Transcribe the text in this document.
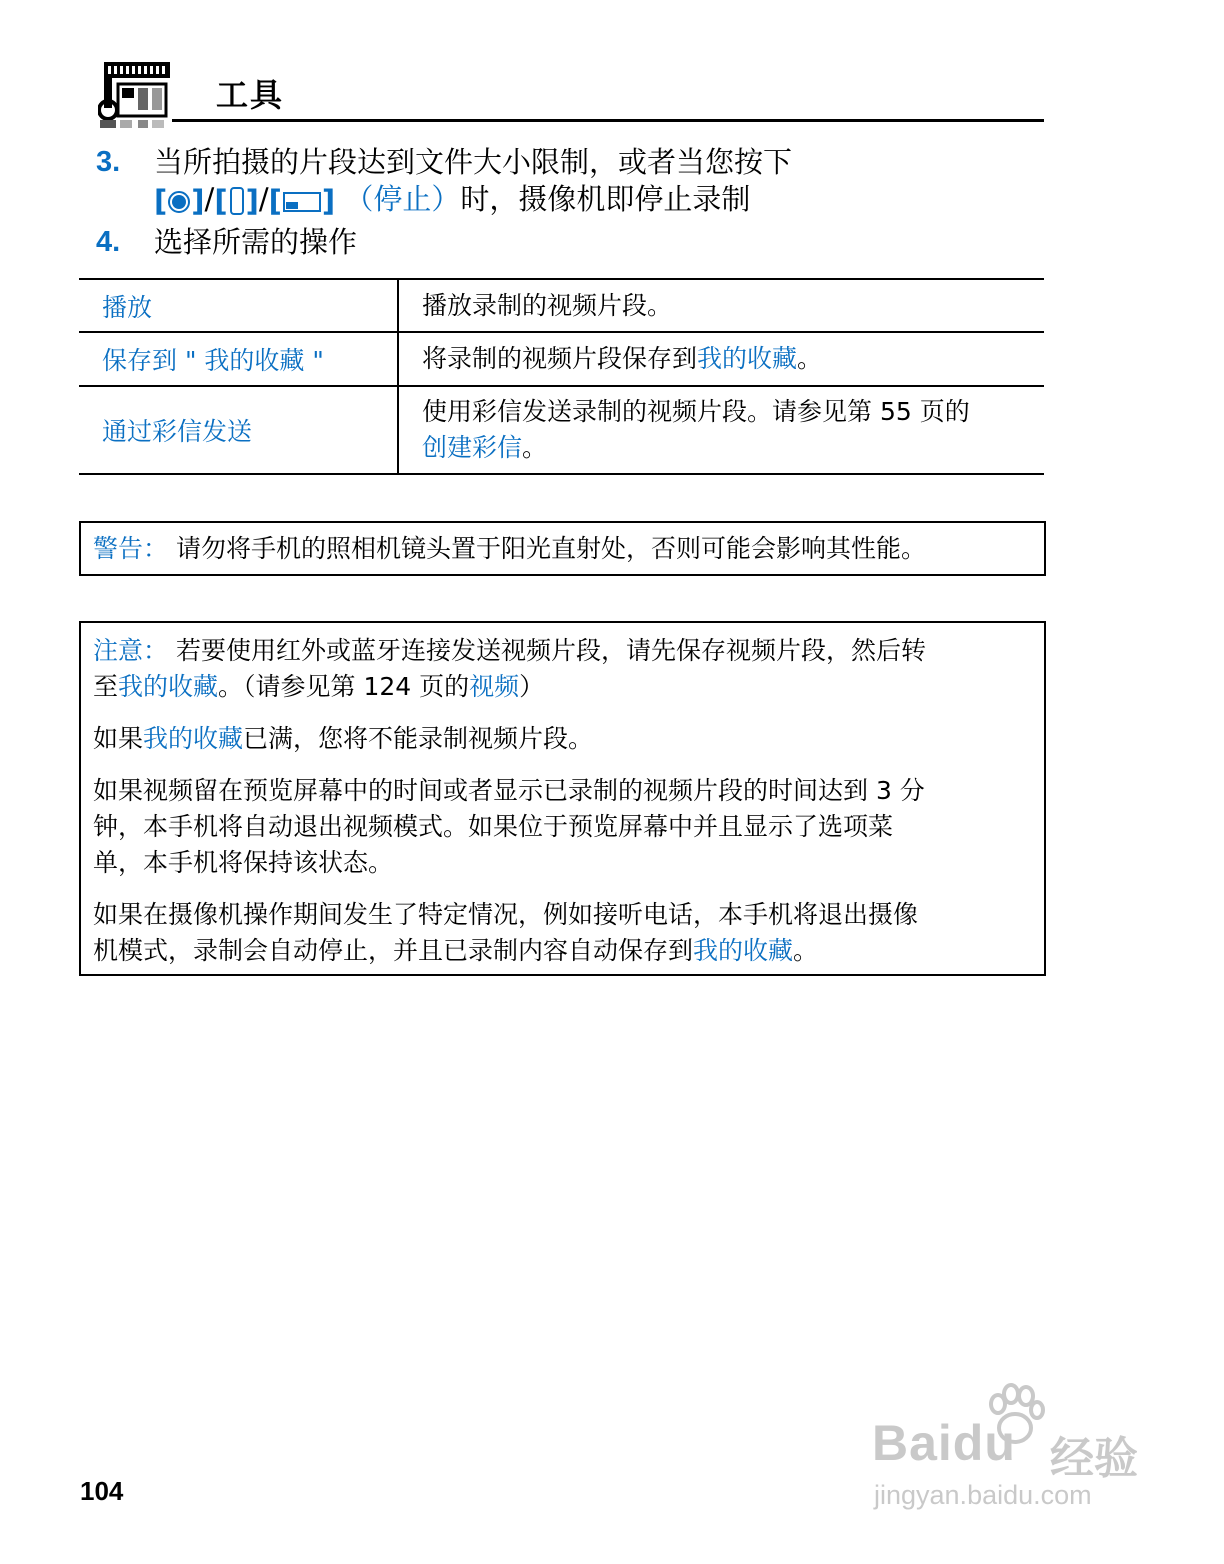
工具
3. 当所拍摄的片段达到文件大小限制，或者当您按下
[ ]/[ ]/[ ] （停止）时，摄像机即停止录制
4. 选择所需的操作
播放	播放录制的视频片段。
保存到 " 我的收藏 "	将录制的视频片段保存到我的收藏。
通过彩信发送	使用彩信发送录制的视频片段。请参见第 55 页的
创建彩信。

警告： 请勿将手机的照相机镜头置于阳光直射处，否则可能会影响其性能。

注意： 若要使用红外或蓝牙连接发送视频片段，请先保存视频片段，然后转
至我的收藏。（请参见第 124 页的视频）

如果我的收藏已满，您将不能录制视频片段。

如果视频留在预览屏幕中的时间或者显示已录制的视频片段的时间达到 3 分
钟，本手机将自动退出视频模式。如果位于预览屏幕中并且显示了选项菜
单，本手机将保持该状态。

如果在摄像机操作期间发生了特定情况，例如接听电话，本手机将退出摄像
机模式，录制会自动停止，并且已录制内容自动保存到我的收藏。

104
Baidu 经验
jingyan.baidu.com
